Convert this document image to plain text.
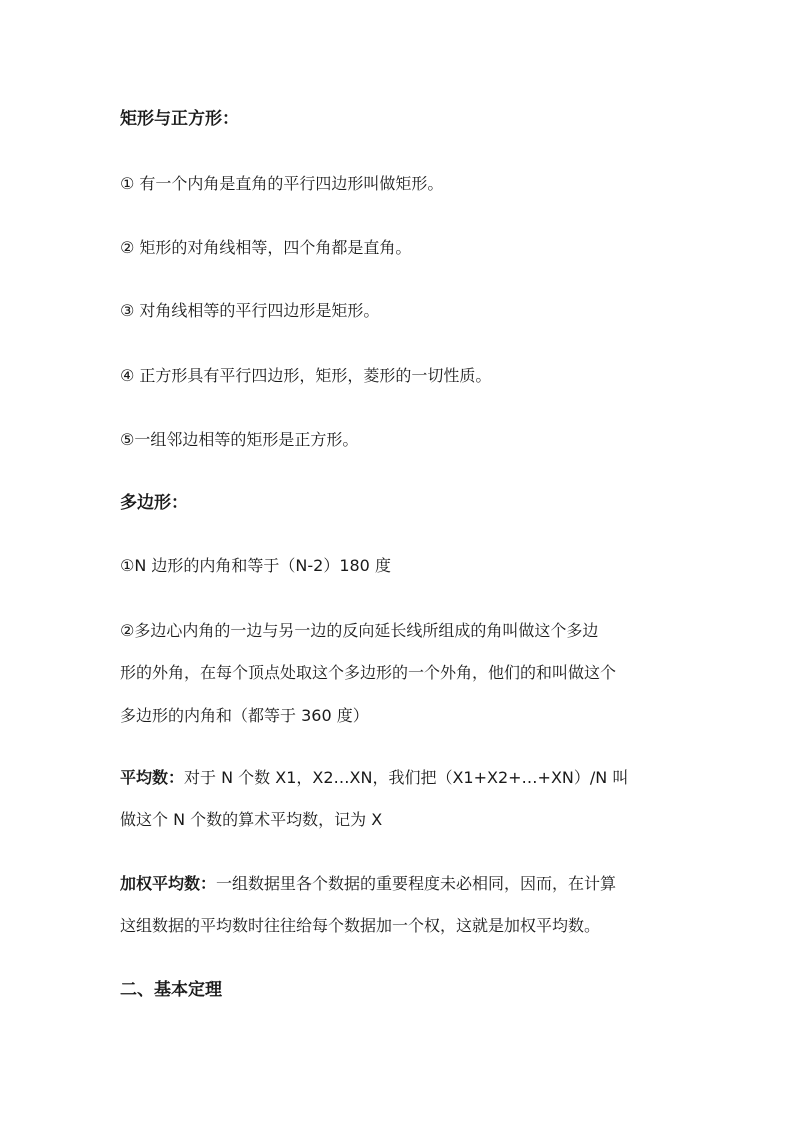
矩形与正方形：
① 有一个内角是直角的平行四边形叫做矩形。
② 矩形的对角线相等，四个角都是直角。
③ 对角线相等的平行四边形是矩形。
④ 正方形具有平行四边形，矩形，菱形的一切性质。
⑤一组邻边相等的矩形是正方形。
多边形：
①N 边形的内角和等于（N-2）180 度
②多边心内角的一边与另一边的反向延长线所组成的角叫做这个多边
形的外角，在每个顶点处取这个多边形的一个外角，他们的和叫做这个
多边形的内角和（都等于 360 度）
平均数：对于 N 个数 X1，X2…XN，我们把（X1+X2+…+XN）/N 叫
做这个 N 个数的算术平均数，记为 X
加权平均数：一组数据里各个数据的重要程度未必相同，因而，在计算
这组数据的平均数时往往给每个数据加一个权，这就是加权平均数。
二、基本定理
